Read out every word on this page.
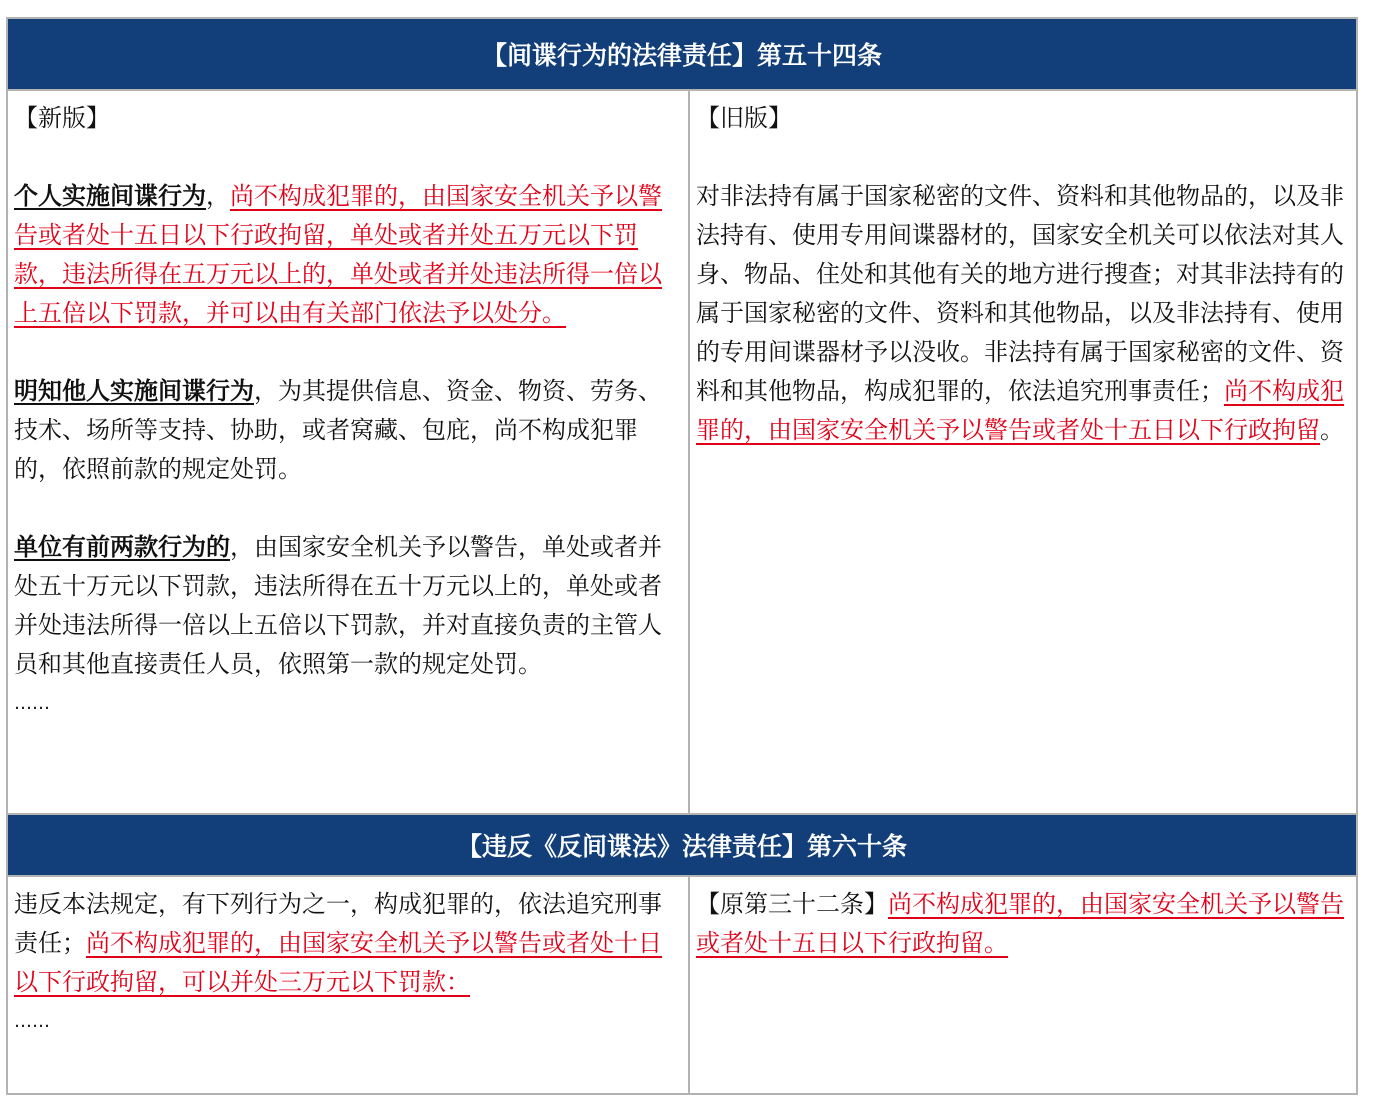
【间谍行为的法律责任】第五十四条
【新版】

个人实施间谍行为，尚不构成犯罪的，由国家安全机关予以警告或者处十五日以下行政拘留，单处或者并处五万元以下罚款，违法所得在五万元以上的，单处或者并处违法所得一倍以上五倍以下罚款，并可以由有关部门依法予以处分。

明知他人实施间谍行为，为其提供信息、资金、物资、劳务、技术、场所等支持、协助，或者窝藏、包庇，尚不构成犯罪的，依照前款的规定处罚。

单位有前两款行为的，由国家安全机关予以警告，单处或者并处五十万元以下罚款，违法所得在五十万元以上的，单处或者并处违法所得一倍以上五倍以下罚款，并对直接负责的主管人员和其他直接责任人员，依照第一款的规定处罚。

……

【旧版】

对非法持有属于国家秘密的文件、资料和其他物品的，以及非法持有、使用专用间谍器材的，国家安全机关可以依法对其人身、物品、住处和其他有关的地方进行搜查；对其非法持有的属于国家秘密的文件、资料和其他物品，以及非法持有、使用的专用间谍器材予以没收。非法持有属于国家秘密的文件、资料和其他物品，构成犯罪的，依法追究刑事责任；尚不构成犯罪的，由国家安全机关予以警告或者处十五日以下行政拘留。

【违反《反间谍法》法律责任】第六十条

违反本法规定，有下列行为之一，构成犯罪的，依法追究刑事责任；尚不构成犯罪的，由国家安全机关予以警告或者处十日以下行政拘留，可以并处三万元以下罚款：

……

【原第三十二条】尚不构成犯罪的，由国家安全机关予以警告或者处十五日以下行政拘留。
